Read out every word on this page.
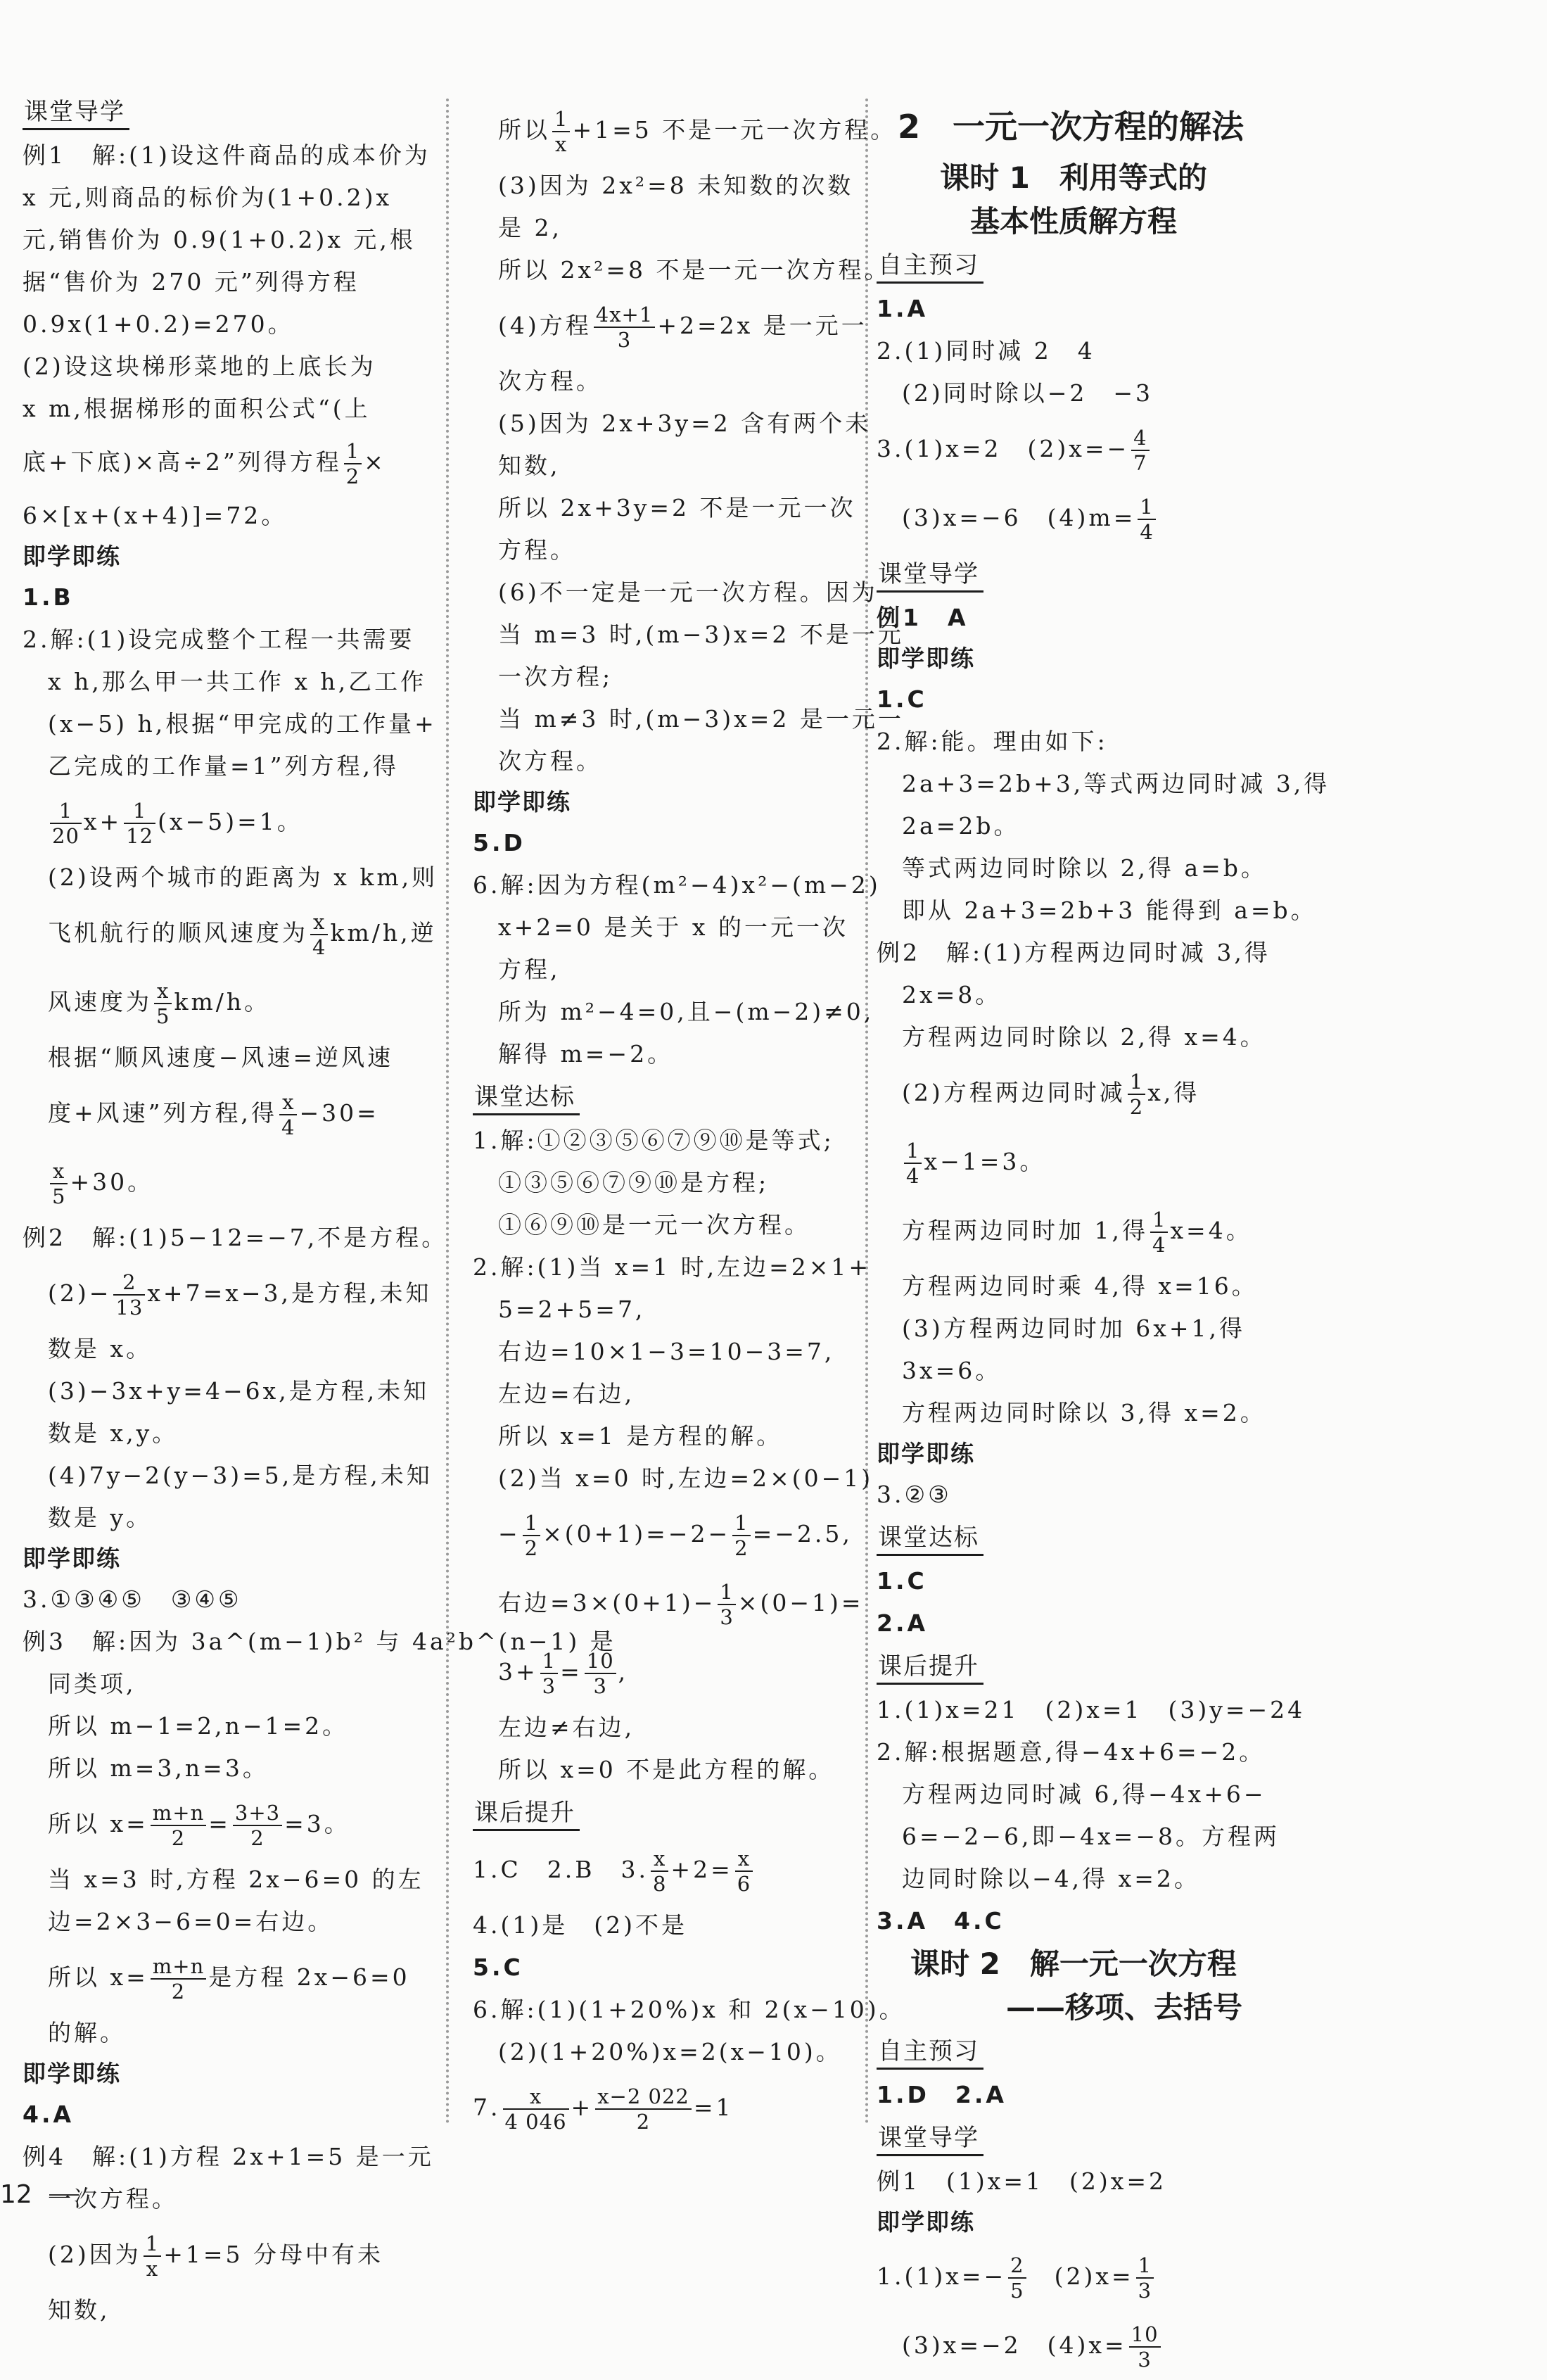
课堂导学
例1　解:(1)设这件商品的成本价为
x 元,则商品的标价为(1+0.2)x
元,销售价为 0.9(1+0.2)x 元,根
据“售价为 270 元”列得方程
0.9x(1+0.2)=270。
(2)设这块梯形菜地的上底长为
x m,根据梯形的面积公式“(上
底+下底)×高÷2”列得方程 $\frac{1}{2}$ ×
6×[x+(x+4)]=72。
即学即练
1.B
2.解:(1)设完成整个工程一共需要
x h,那么甲一共工作 x h,乙工作
(x−5) h,根据“甲完成的工作量+
乙完成的工作量=1”列方程,得
$\frac{1}{20} x+ \frac{1}{12} (x-5)=1$。
(2)设两个城市的距离为 x km,则
飞机航行的顺风速度为 $\frac{x}{4} km/h$,逆
风速度为 $\frac{x}{5} km/h$。
根据“顺风速度−风速=逆风速
度+风速”列方程,得 $\frac{x}{4} -30=$
$\frac{x}{5} +30$。
例2　解:(1)5−12=−7,不是方程。
$(2)- \frac{2}{13} x+7=x-3$,是方程,未知
数是 x。
(3)−3x+y=4−6x,是方程,未知
数是 x,y。
(4)7y−2(y−3)=5,是方程,未知
数是 y。
即学即练
3.①③④⑤　③④⑤
例3　解:因为 3a^(m−1)b² 与 4a²b^(n−1) 是
同类项,
所以 m−1=2,n−1=2。
所以 m=3,n=3。
所以 $x= \frac{m+n}{2} = \frac{3+3}{2} =3$。
当 x=3 时,方程 2x−6=0 的左
边=2×3−6=0=右边。
所以 $x= \frac{m+n}{2}$ 是方程 2x−6=0
的解。
即学即练
4.A
例4　解:(1)方程 2x+1=5 是一元
一次方程。
(2)因为 $\frac{1}{x} +1=5$ 分母中有未
知数,
所以 $\frac{1}{x} +1=5$ 不是一元一次方程。
(3)因为 2x²=8 未知数的次数
是 2,
所以 2x²=8 不是一元一次方程。
(4)方程 $\frac{4x+1}{3} +2=2x$ 是一元一
次方程。
(5)因为 2x+3y=2 含有两个未
知数,
所以 2x+3y=2 不是一元一次
方程。
(6)不一定是一元一次方程。因为
当 m=3 时,(m−3)x=2 不是一元
一次方程;
当 m≠3 时,(m−3)x=2 是一元一
次方程。
即学即练
5.D
6.解:因为方程(m²−4)x²−(m−2)
x+2=0 是关于 x 的一元一次
方程,
所为 m²−4=0,且−(m−2)≠0,
解得 m=−2。
课堂达标
1.解:①②③⑤⑥⑦⑨⑩是等式;
①③⑤⑥⑦⑨⑩是方程;
①⑥⑨⑩是一元一次方程。
2.解:(1)当 x=1 时,左边=2×1+
5=2+5=7,
右边=10×1−3=10−3=7,
左边=右边,
所以 x=1 是方程的解。
(2)当 x=0 时,左边=2×(0−1)
− $\frac{1}{2} \times(0+1)=-2- \frac{1}{2} =-2.5$,
右边$=3\times(0+1)- \frac{1}{3} \times(0-1)=$
$3+ \frac{1}{3} = \frac{10}{3}$ ,
左边≠右边,
所以 x=0 不是此方程的解。
课后提升
1.C　2.B　3. $\frac{x}{8} +2= \frac{x}{6}$
4.(1)是　(2)不是
5.C
6.解:(1)(1+20%)x 和 2(x−10)。
(2)(1+20%)x=2(x−10)。
7. $\frac{x}{4 046} + \frac{x-2 022}{2} =1$
2　一元一次方程的解法
课时 1　利用等式的
基本性质解方程
自主预习
1.A
2.(1)同时减 2　4
(2)同时除以−2　−3
3.(1)x=2　$(2)x=- \frac{4}{7}$
(3)x=−6　$(4)m= \frac{1}{4}$
课堂导学
例1　A
即学即练
1.C
2.解:能。理由如下:
2a+3=2b+3,等式两边同时减 3,得
2a=2b。
等式两边同时除以 2,得 a=b。
即从 2a+3=2b+3 能得到 a=b。
例2　解:(1)方程两边同时减 3,得
2x=8。
方程两边同时除以 2,得 x=4。
(2)方程两边同时减 $\frac{1}{2} x$,得
$\frac{1}{4} x-1=3$。
方程两边同时加 1,得 $\frac{1}{4} x=4$。
方程两边同时乘 4,得 x=16。
(3)方程两边同时加 6x+1,得
3x=6。
方程两边同时除以 3,得 x=2。
即学即练
3.②③
课堂达标
1.C
2.A
课后提升
1.(1)x=21　(2)x=1　(3)y=−24
2.解:根据题意,得−4x+6=−2。
方程两边同时减 6,得−4x+6−
6=−2−6,即−4x=−8。方程两
边同时除以−4,得 x=2。
3.A　4.C
课时 2　解一元一次方程
——移项、去括号
自主预习
1.D　2.A
课堂导学
例1　(1)x=1　(2)x=2
即学即练
$1.(1)x=- \frac{2}{5}$
　 $(2)x= \frac{1}{3}$
(3)x=−2　$(4)x= \frac{10}{3}$
12
